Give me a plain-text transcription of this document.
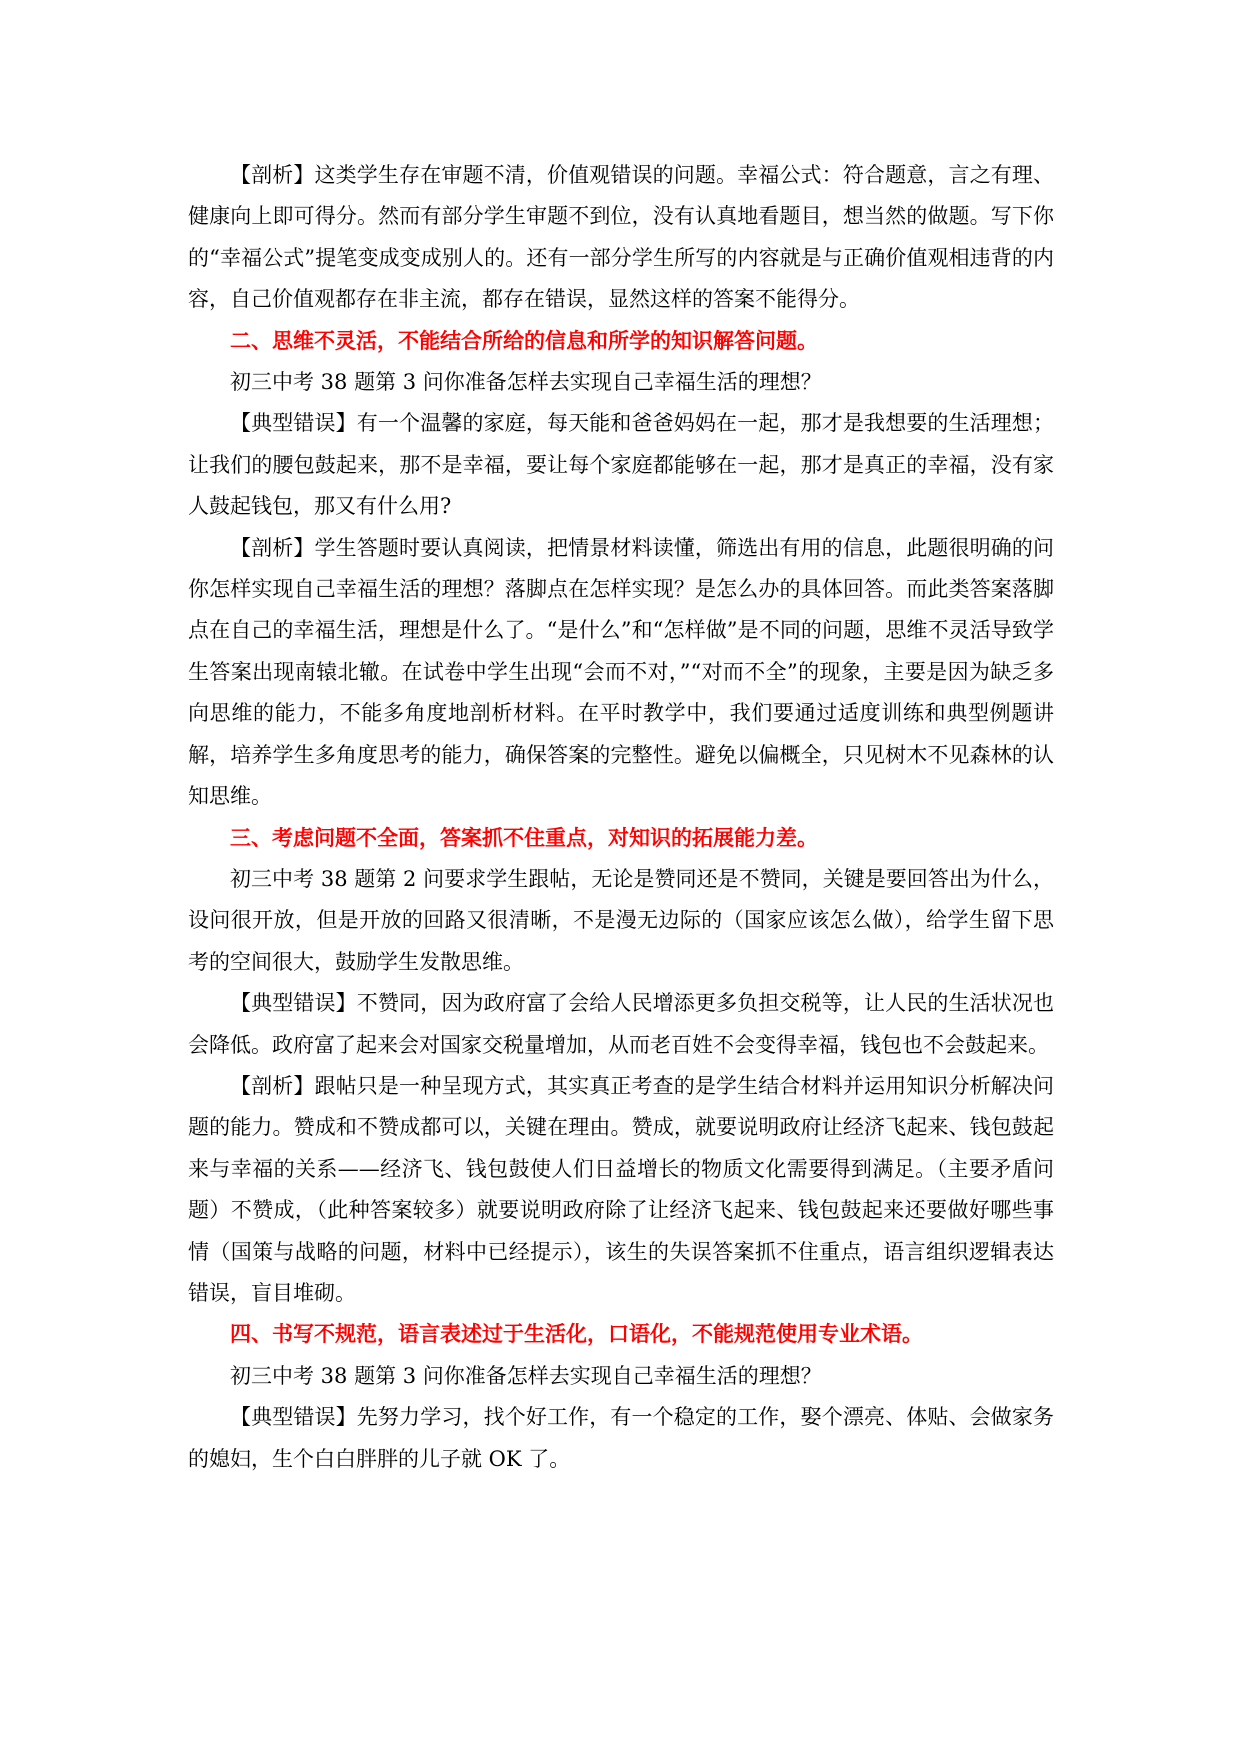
【剖析】这类学生存在审题不清，价值观错误的问题。幸福公式：符合题意，言之有理、健康向上即可得分。然而有部分学生审题不到位，没有认真地看题目，想当然的做题。写下你的“幸福公式”提笔变成变成别人的。还有一部分学生所写的内容就是与正确价值观相违背的内容，自己价值观都存在非主流，都存在错误，显然这样的答案不能得分。

二、思维不灵活，不能结合所给的信息和所学的知识解答问题。

初三中考 38 题第 3 问你准备怎样去实现自己幸福生活的理想？

【典型错误】有一个温馨的家庭，每天能和爸爸妈妈在一起，那才是我想要的生活理想；让我们的腰包鼓起来，那不是幸福，要让每个家庭都能够在一起，那才是真正的幸福，没有家人鼓起钱包，那又有什么用?

【剖析】学生答题时要认真阅读，把情景材料读懂，筛选出有用的信息，此题很明确的问你怎样实现自己幸福生活的理想？落脚点在怎样实现？是怎么办的具体回答。而此类答案落脚点在自己的幸福生活，理想是什么了。“是什么”和“怎样做”是不同的问题，思维不灵活导致学生答案出现南辕北辙。在试卷中学生出现“会而不对，”“对而不全”的现象，主要是因为缺乏多向思维的能力，不能多角度地剖析材料。在平时教学中，我们要通过适度训练和典型例题讲解，培养学生多角度思考的能力，确保答案的完整性。避免以偏概全，只见树木不见森林的认知思维。

三、考虑问题不全面，答案抓不住重点，对知识的拓展能力差。

初三中考 38 题第 2 问要求学生跟帖，无论是赞同还是不赞同，关键是要回答出为什么，设问很开放，但是开放的回路又很清晰，不是漫无边际的（国家应该怎么做），给学生留下思考的空间很大，鼓励学生发散思维。

【典型错误】不赞同，因为政府富了会给人民增添更多负担交税等，让人民的生活状况也会降低。政府富了起来会对国家交税量增加，从而老百姓不会变得幸福，钱包也不会鼓起来。

【剖析】跟帖只是一种呈现方式，其实真正考查的是学生结合材料并运用知识分析解决问题的能力。赞成和不赞成都可以，关键在理由。赞成，就要说明政府让经济飞起来、钱包鼓起来与幸福的关系——经济飞、钱包鼓使人们日益增长的物质文化需要得到满足。（主要矛盾问题）不赞成，（此种答案较多）就要说明政府除了让经济飞起来、钱包鼓起来还要做好哪些事情（国策与战略的问题，材料中已经提示），该生的失误答案抓不住重点，语言组织逻辑表达错误，盲目堆砌。

四、书写不规范，语言表述过于生活化，口语化，不能规范使用专业术语。

初三中考 38 题第 3 问你准备怎样去实现自己幸福生活的理想？

【典型错误】先努力学习，找个好工作，有一个稳定的工作，娶个漂亮、体贴、会做家务的媳妇，生个白白胖胖的儿子就 OK 了。
